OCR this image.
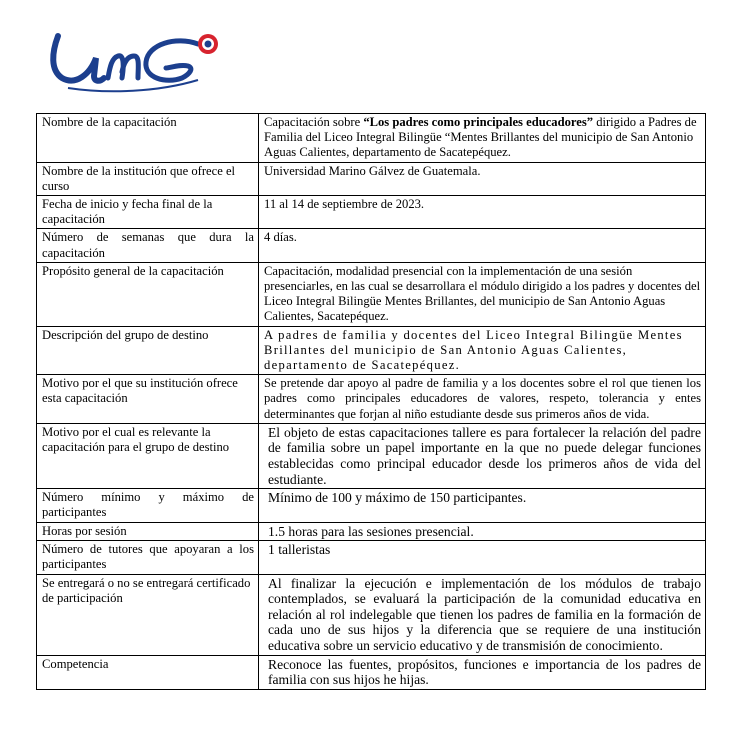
Nombre de la capacitación	Capacitación sobre “Los padres como principales educadores” dirigido a Padres de Familia del Liceo Integral Bilingüe “Mentes Brillantes del municipio de San Antonio Aguas Calientes, departamento de Sacatepéquez.
Nombre de la institución que ofrece el curso	Universidad Marino Gálvez de Guatemala.
Fecha de inicio y fecha final de la capacitación	11 al 14 de septiembre de 2023.
Número de semanas que dura la capacitación	4 días.
Propósito general de la capacitación	Capacitación, modalidad presencial con la implementación de una sesión presenciarles, en las cual se desarrollara el módulo dirigido a los padres y docentes del Liceo Integral Bilingüe Mentes Brillantes, del municipio de San Antonio Aguas Calientes, Sacatepéquez.
Descripción del grupo de destino	A padres de familia y docentes del Liceo Integral Bilingüe Mentes Brillantes del municipio de San Antonio Aguas Calientes, departamento de Sacatepéquez.
Motivo por el que su institución ofrece esta capacitación	Se pretende dar apoyo al padre de familia y a los docentes sobre el rol que tienen los padres como principales educadores de valores, respeto, tolerancia y entes determinantes que forjan al niño estudiante desde sus primeros años de vida.
Motivo por el cual es relevante la capacitación para el grupo de destino	El objeto de estas capacitaciones tallere es para fortalecer la relación del padre de familia sobre un papel importante en la que no puede delegar funciones establecidas como principal educador desde los primeros años de vida del estudiante.
Número mínimo y máximo de participantes	Mínimo de 100 y máximo de 150 participantes.
Horas por sesión	1.5 horas para las sesiones presencial.
Número de tutores que apoyaran a los participantes	1 talleristas
Se entregará o no se entregará certificado de participación	Al finalizar la ejecución e implementación de los módulos de trabajo contemplados, se evaluará la participación de la comunidad educativa en relación al rol indelegable que tienen los padres de familia en la formación de cada uno de sus hijos y la diferencia que se requiere de una institución educativa sobre un servicio educativo y de transmisión de conocimiento.
Competencia	Reconoce las fuentes, propósitos, funciones e importancia de los padres de familia con sus hijos he hijas.
